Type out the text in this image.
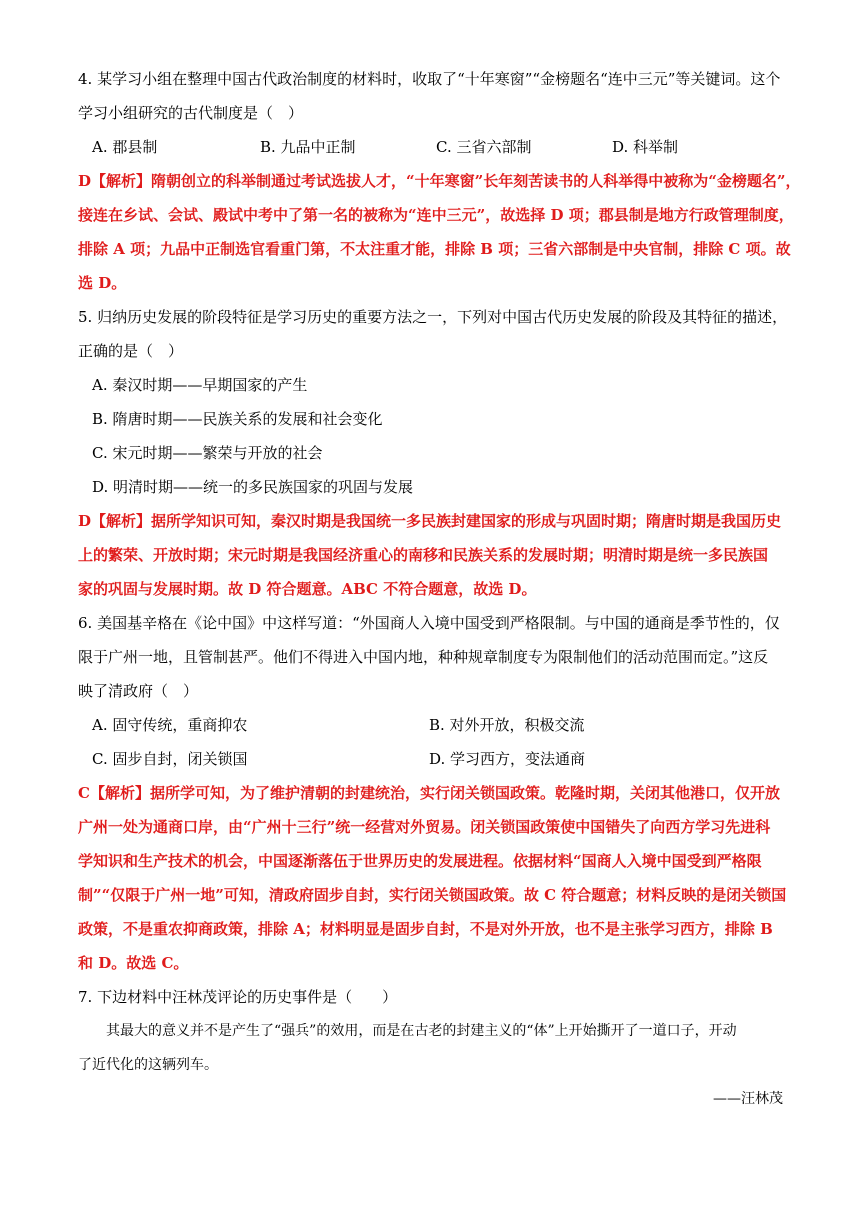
4. 某学习小组在整理中国古代政治制度的材料时，收取了“十年寒窗”“金榜题名“连中三元”等关键词。这个
学习小组研究的古代制度是（　）
A. 郡县制	B. 九品中正制	C. 三省六部制	D. 科举制
D【解析】隋朝创立的科举制通过考试选拔人才，“十年寒窗”长年刻苦读书的人科举得中被称为“金榜题名”，
接连在乡试、会试、殿试中考中了第一名的被称为“连中三元”，故选择 D 项；郡县制是地方行政管理制度，
排除 A 项；九品中正制选官看重门第，不太注重才能，排除 B 项；三省六部制是中央官制，排除 C 项。故
选 D。
5. 归纳历史发展的阶段特征是学习历史的重要方法之一，下列对中国古代历史发展的阶段及其特征的描述，
正确的是（　）
A. 秦汉时期——早期国家的产生
B. 隋唐时期——民族关系的发展和社会变化
C. 宋元时期——繁荣与开放的社会
D. 明清时期——统一的多民族国家的巩固与发展
D【解析】据所学知识可知，秦汉时期是我国统一多民族封建国家的形成与巩固时期；隋唐时期是我国历史
上的繁荣、开放时期；宋元时期是我国经济重心的南移和民族关系的发展时期；明清时期是统一多民族国
家的巩固与发展时期。故 D 符合题意。ABC 不符合题意，故选 D。
6. 美国基辛格在《论中国》中这样写道：“外国商人入境中国受到严格限制。与中国的通商是季节性的，仅
限于广州一地，且管制甚严。他们不得进入中国内地，种种规章制度专为限制他们的活动范围而定。”这反
映了清政府（　）
A. 固守传统，重商抑农	B. 对外开放，积极交流
C. 固步自封，闭关锁国	D. 学习西方，变法通商
C【解析】据所学可知，为了维护清朝的封建统治，实行闭关锁国政策。乾隆时期，关闭其他港口，仅开放
广州一处为通商口岸，由“广州十三行”统一经营对外贸易。闭关锁国政策使中国错失了向西方学习先进科
学知识和生产技术的机会，中国逐渐落伍于世界历史的发展进程。依据材料“国商人入境中国受到严格限
制”“仅限于广州一地”可知，清政府固步自封，实行闭关锁国政策。故 C 符合题意；材料反映的是闭关锁国
政策，不是重农抑商政策，排除 A；材料明显是固步自封，不是对外开放，也不是主张学习西方，排除 B
和 D。故选 C。
7. 下边材料中汪林茂评论的历史事件是（　　）
其最大的意义并不是产生了“强兵”的效用，而是在古老的封建主义的“体”上开始撕开了一道口子，开动
了近代化的这辆列车。
——汪林茂
